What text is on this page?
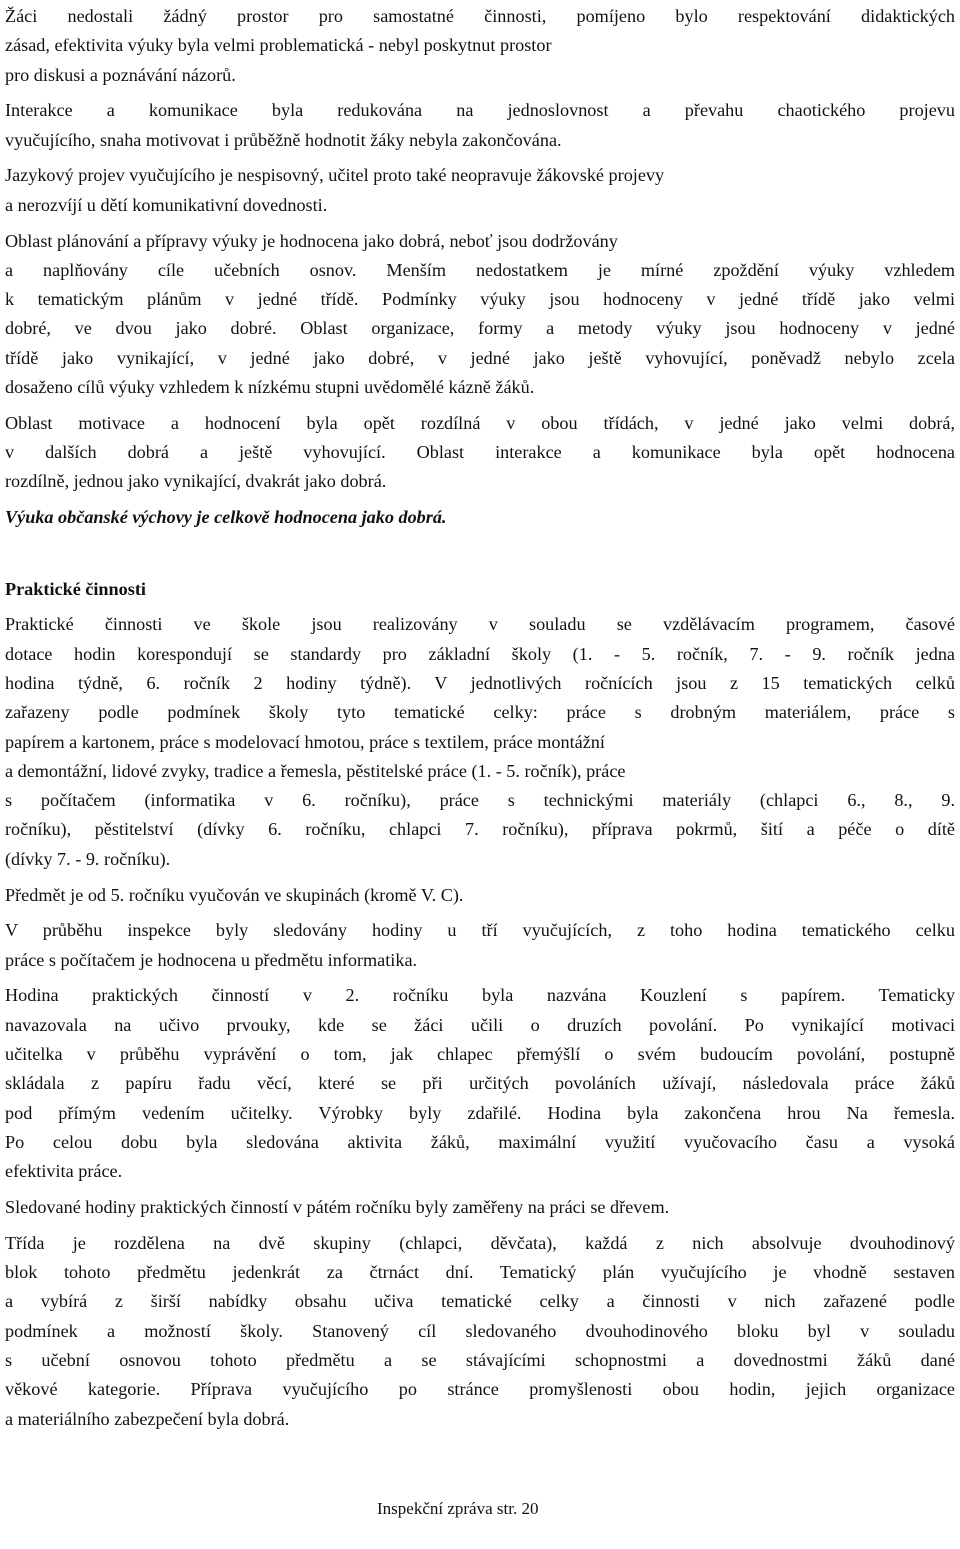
Žáci nedostali žádný prostor pro samostatné činnosti, pomíjeno bylo respektování didaktických
zásad, efektivita výuky byla velmi problematická - nebyl poskytnut prostor
pro diskusi a poznávání názorů.
Interakce a komunikace byla redukována na jednoslovnost a převahu chaotického projevu
vyučujícího, snaha motivovat i průběžně hodnotit žáky nebyla zakončována.
Jazykový projev vyučujícího je nespisovný, učitel proto také neopravuje žákovské projevy
a nerozvíjí u dětí komunikativní dovednosti.
Oblast plánování a přípravy výuky je hodnocena jako dobrá, neboť jsou dodržovány
a naplňovány cíle učebních osnov. Menším nedostatkem je mírné zpoždění výuky vzhledem
k tematickým plánům v jedné třídě. Podmínky výuky jsou hodnoceny v jedné třídě jako velmi
dobré, ve dvou jako dobré. Oblast organizace, formy a metody výuky jsou hodnoceny v jedné
třídě jako vynikající, v jedné jako dobré, v jedné jako ještě vyhovující, poněvadž nebylo zcela
dosaženo cílů výuky vzhledem k nízkému stupni uvědomělé kázně žáků.
Oblast motivace a hodnocení byla opět rozdílná v obou třídách, v jedné jako velmi dobrá,
v dalších dobrá a ještě vyhovující. Oblast interakce a komunikace byla opět hodnocena
rozdílně, jednou jako vynikající, dvakrát jako dobrá.
Výuka občanské výchovy je celkově hodnocena jako dobrá.
Praktické činnosti
Praktické činnosti ve škole jsou realizovány v souladu se vzdělávacím programem, časové
dotace hodin korespondují se standardy pro základní školy (1. - 5. ročník, 7. - 9. ročník jedna
hodina týdně, 6. ročník 2 hodiny týdně). V jednotlivých ročnících jsou z 15 tematických celků
zařazeny podle podmínek školy tyto tematické celky: práce s drobným materiálem, práce s
papírem a kartonem, práce s modelovací hmotou, práce s textilem, práce montážní
a demontážní, lidové zvyky, tradice a řemesla, pěstitelské práce (1. - 5. ročník), práce
s počítačem (informatika v 6. ročníku), práce s technickými materiály (chlapci 6., 8., 9.
ročníku), pěstitelství (dívky 6. ročníku, chlapci 7. ročníku), příprava pokrmů, šití a péče o dítě
(dívky 7. - 9. ročníku).
Předmět je od 5. ročníku vyučován ve skupinách (kromě V. C).
V průběhu inspekce byly sledovány hodiny u tří vyučujících, z toho hodina tematického celku
práce s počítačem je hodnocena u předmětu informatika.
Hodina praktických činností v 2. ročníku byla nazvána Kouzlení s papírem. Tematicky
navazovala na učivo prvouky, kde se žáci učili o druzích povolání. Po vynikající motivaci
učitelka v průběhu vyprávění o tom, jak chlapec přemýšlí o svém budoucím povolání, postupně
skládala z papíru řadu věcí, které se při určitých povoláních užívají, následovala práce žáků
pod přímým vedením učitelky. Výrobky byly zdařilé. Hodina byla zakončena hrou Na řemesla.
Po celou dobu byla sledována aktivita žáků, maximální využití vyučovacího času a vysoká
efektivita práce.
Sledované hodiny praktických činností v pátém ročníku byly zaměřeny na práci se dřevem.
Třída je rozdělena na dvě skupiny (chlapci, děvčata), každá z nich absolvuje dvouhodinový
blok tohoto předmětu jedenkrát za čtrnáct dní. Tematický plán vyučujícího je vhodně sestaven
a vybírá z širší nabídky obsahu učiva tematické celky a činnosti v nich zařazené podle
podmínek a možností školy. Stanovený cíl sledovaného dvouhodinového bloku byl v souladu
s učební osnovou tohoto předmětu a se stávajícími schopnostmi a dovednostmi žáků dané
věkové kategorie. Příprava vyučujícího po stránce promyšlenosti obou hodin, jejich organizace
a materiálního zabezpečení byla dobrá.
Inspekční zpráva str. 20
